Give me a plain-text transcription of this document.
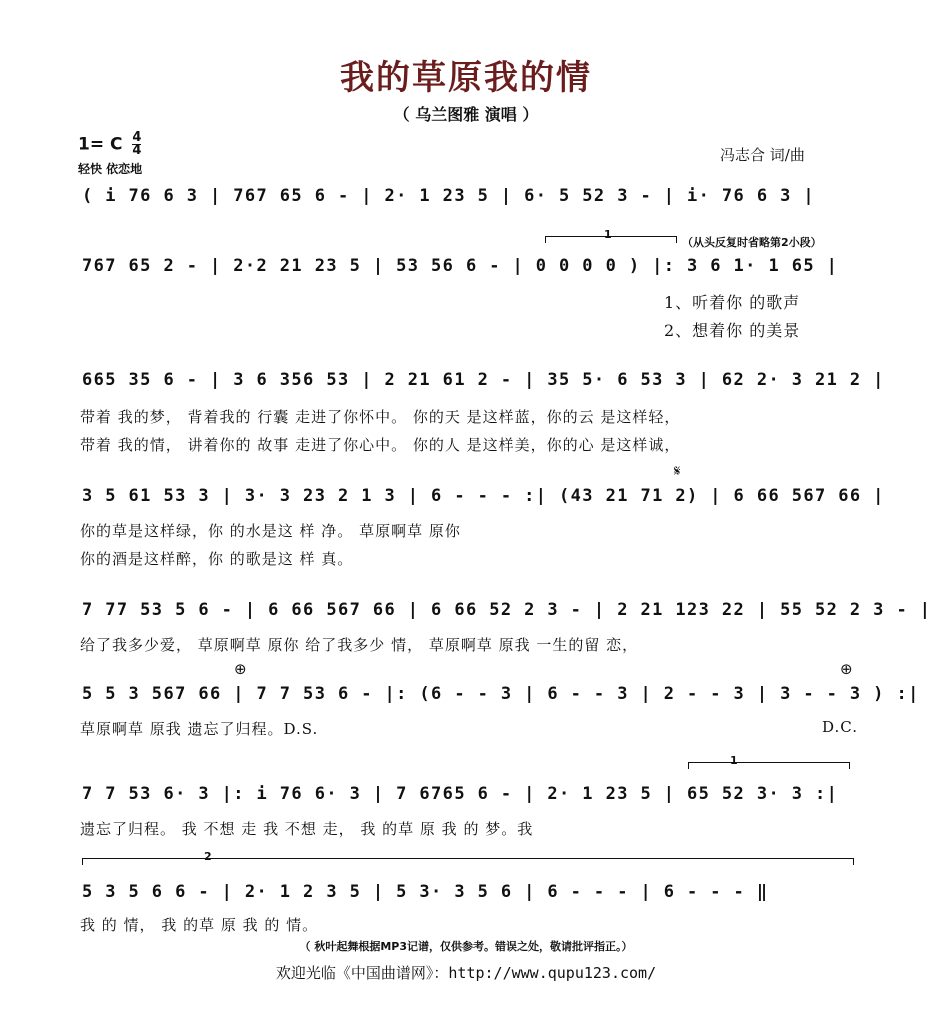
我的草原我的情
（ 乌兰图雅 演唱 ）
1= C $\frac{4}{4}$
轻快 依恋地
冯志合 词/曲
( i 76 6 3 | 767 65 6 - | 2· 1 23 5 | 6· 5 52 3 - | i· 76 6 3 |
1
（从头反复时省略第2小段）
767 65 2 - | 2·2 21 23 5 | 53 56 6 - | 0 0 0 0 ) |: 3 6 1· 1 65 |
1、听着你 的歌声
2、想着你 的美景
665 35 6 - | 3 6 356 53 | 2 21 61 2 - | 35 5· 6 53 3 | 62 2· 3 21 2 |
带着 我的梦， 背着我的 行囊 走进了你怀中。 你的天 是这样蓝，你的云 是这样轻，
带着 我的情， 讲着你的 故事 走进了你心中。 你的人 是这样美，你的心 是这样诚，
𝄋
3 5 61 53 3 | 3· 3 23 2 1 3 | 6 - - - :| (43 21 71 2) | 6 66 567 66 |
你的草是这样绿，你 的水是这 样 净。 草原啊草 原你
你的酒是这样醉，你 的歌是这 样 真。
7 77 53 5 6 - | 6 66 567 66 | 6 66 52 2 3 - | 2 21 123 22 | 55 52 2 3 - |
给了我多少爱， 草原啊草 原你 给了我多少 情， 草原啊草 原我 一生的留 恋，
⊕	⊕
5 5 3 567 66 | 7 7 53 6 - |: (6 - - 3 | 6 - - 3 | 2 - - 3 | 3 - - 3 ) :|
草原啊草 原我 遗忘了归程。D.S.	D.C.
1
7 7 53 6· 3 |: i 76 6· 3 | 7 6765 6 - | 2· 1 23 5 | 65 52 3· 3 :|
遗忘了归程。 我 不想 走 我 不想 走， 我 的草 原 我 的 梦。我
2
5 3 5 6 6 - | 2· 1 2 3 5 | 5 3· 3 5 6 | 6 - - - | 6 - - - ‖
我 的 情， 我 的草 原 我 的 情。
（ 秋叶起舞根据MP3记谱，仅供参考。错误之处，敬请批评指正。）
欢迎光临《中国曲谱网》：http://www.qupu123.com/
